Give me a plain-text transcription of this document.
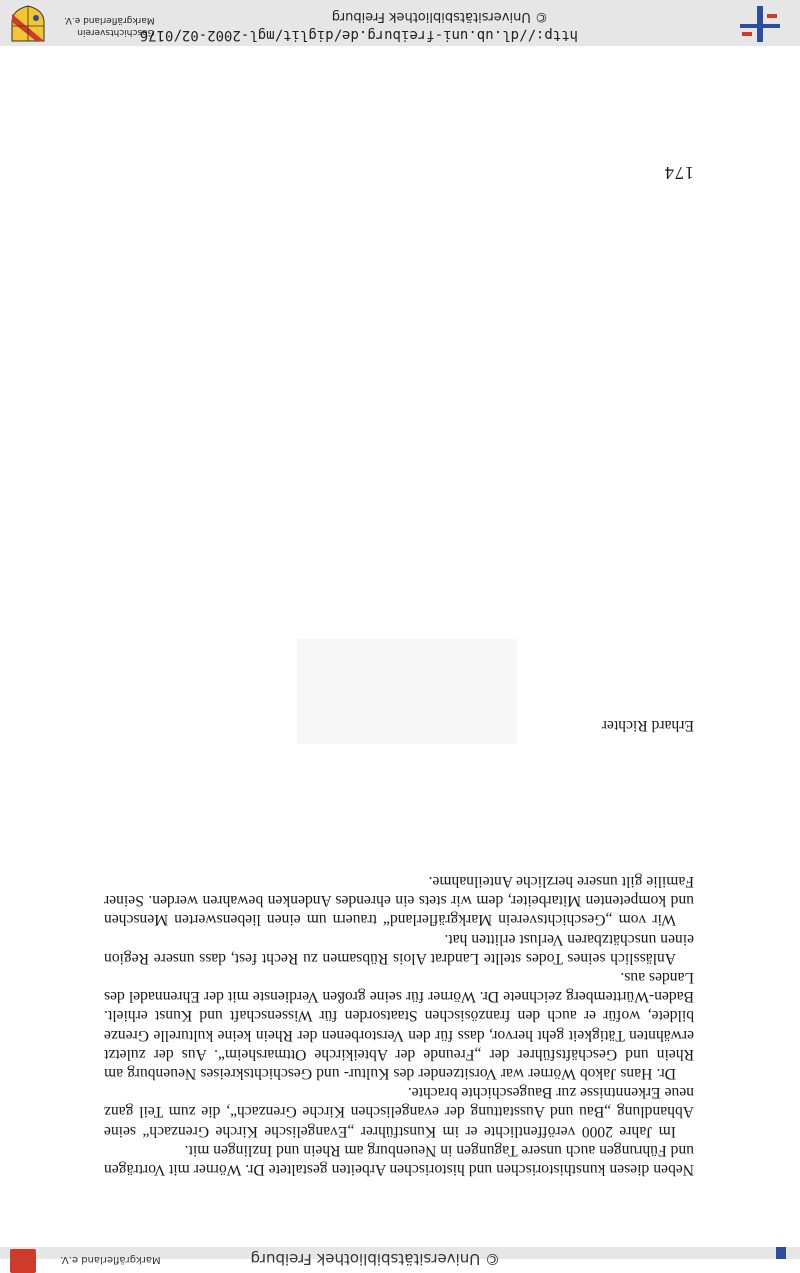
© Universitätsbibliothek Freiburg
Markgräflerland e.V.

Neben diesen kunsthistorischen und historischen Arbeiten gestaltete Dr. Wörner mit Vorträgen und Führungen auch unsere Tagungen in Neuenburg am Rhein und Inzlingen mit.

Im Jahre 2000 veröffentlichte er im Kunstführer „Evangelische Kirche Grenzach“ seine Abhandlung „Bau und Ausstattung der evangelischen Kirche Grenzach“, die zum Teil ganz neue Erkenntnisse zur Baugeschichte brachte.

Dr. Hans Jakob Wörner war Vorsitzender des Kultur- und Geschichtskreises Neuenburg am Rhein und Geschäftsführer der „Freunde der Abteikirche Ottmarsheim“. Aus der zuletzt erwähnten Tätigkeit geht hervor, dass für den Verstorbenen der Rhein keine kulturelle Grenze bildete, wofür er auch den französischen Staatsorden für Wissenschaft und Kunst erhielt. Baden-Württemberg zeichnete Dr. Wörner für seine großen Verdienste mit der Ehrennadel des Landes aus.

Anlässlich seines Todes stellte Landrat Alois Rübsamen zu Recht fest, dass unsere Region einen unschätzbaren Verlust erlitten hat.

Wir vom „Geschichtsverein Markgräflerland“ trauern um einen liebenswerten Menschen und kompetenten Mitarbeiter, dem wir stets ein ehrendes Andenken bewahren werden. Seiner Familie gilt unsere herzliche Anteilnahme.

Erhard Richter
174
http://dl.ub.uni-freiburg.de/diglit/mgl-2002-02/0176
© Universitätsbibliothek Freiburg
Geschichtsverein
Markgräflerland e.V.
